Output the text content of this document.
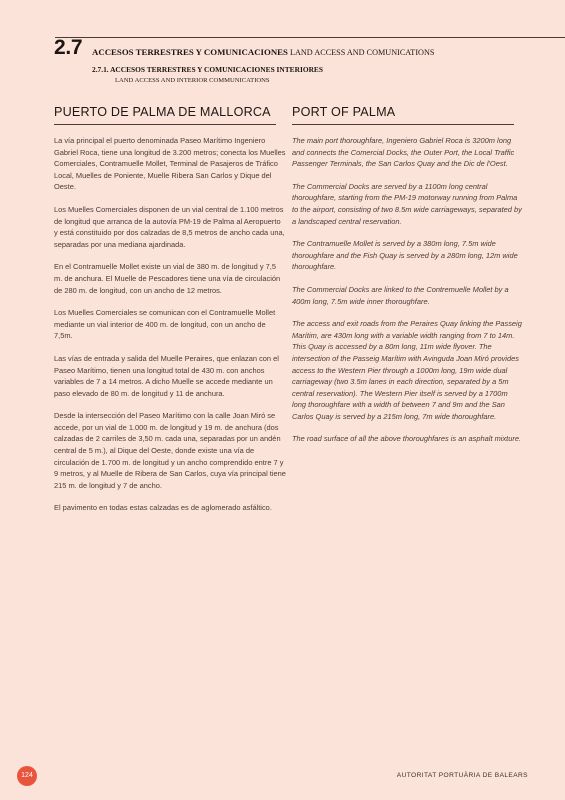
2.7 ACCESOS TERRESTRES Y COMUNICACIONES LAND ACCESS AND COMUNICATIONS
2.7.1. ACCESOS TERRESTRES Y COMUNICACIONES INTERIORES
LAND ACCESS AND INTERIOR COMMUNICATIONS
PUERTO DE PALMA DE MALLORCA

La vía principal el puerto denominada Paseo Marítimo Ingeniero Gabriel Roca, tiene una longitud de 3.200 metros; conecta los Muelles Comerciales, Contramuelle Mollet, Terminal de Pasajeros de Tráfico Local, Muelles de Poniente, Muelle Ribera San Carlos y Dique del Oeste.

Los Muelles Comerciales disponen de un vial central de 1.100 metros de longitud que arranca de la autovía PM-19 de Palma al Aeropuerto y está constituido por dos calzadas de 8,5 metros de ancho cada una, separadas por una mediana ajardinada.

En el Contramuelle Mollet existe un vial de 380 m. de longitud y 7,5 m. de anchura. El Muelle de Pescadores tiene una vía de circulación de 280 m. de longitud, con un ancho de 12 metros.

Los Muelles Comerciales se comunican con el Contramuelle Mollet mediante un vial interior de 400 m. de longitud, con un ancho de 7,5m.

Las vías de entrada y salida del Muelle Peraires, que enlazan con el Paseo Marítimo, tienen una longitud total de 430 m. con anchos variables de 7 a 14 metros. A dicho Muelle se accede mediante un paso elevado de 80 m. de longitud y 11 de anchura.

Desde la intersección del Paseo Marítimo con la calle Joan Miró se accede, por un vial de 1.000 m. de longitud y 19 m. de anchura (dos calzadas de 2 carriles de 3,50 m. cada una, separadas por un andén central de 5 m.), al Dique del Oeste, donde existe una vía de circulación de 1.700 m. de longitud y un ancho comprendido entre 7 y 9 metros, y al Muelle de Ribera de San Carlos, cuya vía principal tiene 215 m. de longitud y 7 de ancho.

El pavimento en todas estas calzadas es de aglomerado asfáltico.

PORT OF PALMA

The main port thoroughfare, Ingeniero Gabriel Roca is 3200m long and connects the Comercial Docks, the Outer Port, the Local Traffic Passenger Terminals, the San Carlos Quay and the Dic de l'Oest.

The Commercial Docks are served by a 1100m long central thoroughfare, starting from the PM-19 motorway running from Palma to the airport, consisting of two 8.5m wide carriageways, separated by a landscaped central reservation.

The Contramuelle Mollet is served by a 380m long, 7.5m wide thoroughfare and the Fish Quay is served by a 280m long, 12m wide thoroughfare.

The Commercial Docks are linked to the Contremuelle Mollet by a 400m long, 7.5m wide inner thoroughfare.

The access and exit roads from the Peraires Quay linking the Passeig Marítim, are 430m long with a variable width ranging from 7 to 14m. This Quay is accessed by a 80m long, 11m wide flyover. The intersection of the Passeig Marítim with Avinguda Joan Miró provides access to the Western Pier through a 1000m long, 19m wide dual carriageway (two 3.5m lanes in each direction, separated by a 5m central reservation). The Western Pier itself is served by a 1700m long thoroughfare with a width of between 7 and 9m and the San Carlos Quay is served by a 215m long, 7m wide thoroughfare.

The road surface of all the above thoroughfares is an asphalt mixture.

124	AUTORITAT PORTUÀRIA DE BALEARS
